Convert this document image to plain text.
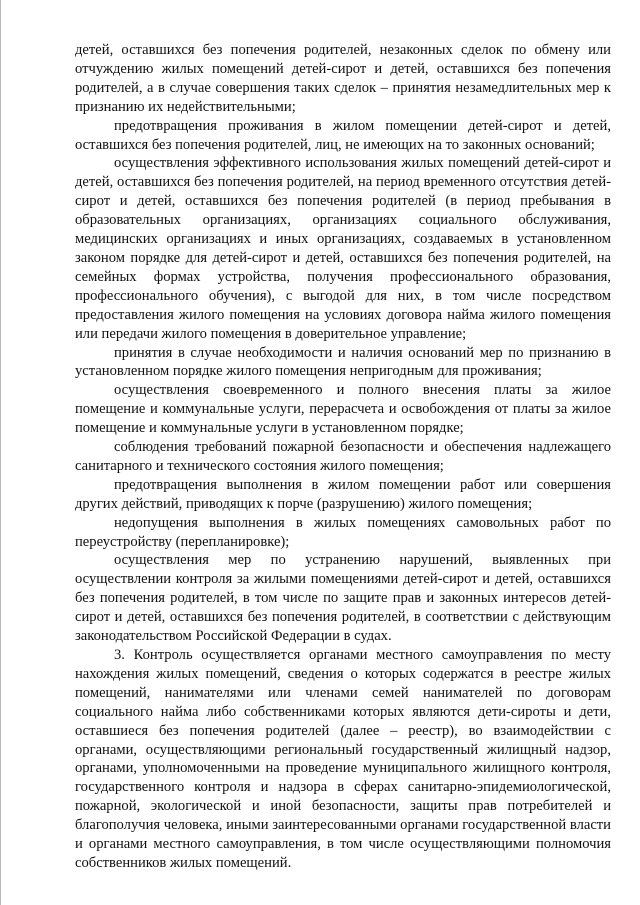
детей, оставшихся без попечения родителей, незаконных сделок по обмену или отчуждению жилых помещений детей-сирот и детей, оставшихся без попечения родителей, а в случае совершения таких сделок – принятия незамедлительных мер к признанию их недействительными;

предотвращения проживания в жилом помещении детей-сирот и детей, оставшихся без попечения родителей, лиц, не имеющих на то законных оснований;

осуществления эффективного использования жилых помещений детей-сирот и детей, оставшихся без попечения родителей, на период временного отсутствия детей-сирот и детей, оставшихся без попечения родителей (в период пребывания в образовательных организациях, организациях социального обслуживания, медицинских организациях и иных организациях, создаваемых в установленном законом порядке для детей-сирот и детей, оставшихся без попечения родителей, на семейных формах устройства, получения профессионального образования, профессионального обучения), с выгодой для них, в том числе посредством предоставления жилого помещения на условиях договора найма жилого помещения или передачи жилого помещения в доверительное управление;

принятия в случае необходимости и наличия оснований мер по признанию в установленном порядке жилого помещения непригодным для проживания;

осуществления своевременного и полного внесения платы за жилое помещение и коммунальные услуги, перерасчета и освобождения от платы за жилое помещение и коммунальные услуги в установленном порядке;

соблюдения требований пожарной безопасности и обеспечения надлежащего санитарного и технического состояния жилого помещения;

предотвращения выполнения в жилом помещении работ или совершения других действий, приводящих к порче (разрушению) жилого помещения;

недопущения выполнения в жилых помещениях самовольных работ по переустройству (перепланировке);

осуществления мер по устранению нарушений, выявленных при осуществлении контроля за жилыми помещениями детей-сирот и детей, оставшихся без попечения родителей, в том числе по защите прав и законных интересов детей-сирот и детей, оставшихся без попечения родителей, в соответствии с действующим законодательством Российской Федерации в судах.

3. Контроль осуществляется органами местного самоуправления по месту нахождения жилых помещений, сведения о которых содержатся в реестре жилых помещений, нанимателями или членами семей нанимателей по договорам социального найма либо собственниками которых являются дети-сироты и дети, оставшиеся без попечения родителей (далее – реестр), во взаимодействии с органами, осуществляющими региональный государственный жилищный надзор, органами, уполномоченными на проведение муниципального жилищного контроля, государственного контроля и надзора в сферах санитарно-эпидемиологической, пожарной, экологической и иной безопасности, защиты прав потребителей и благополучия человека, иными заинтересованными органами государственной власти и органами местного самоуправления, в том числе осуществляющими полномочия собственников жилых помещений.
